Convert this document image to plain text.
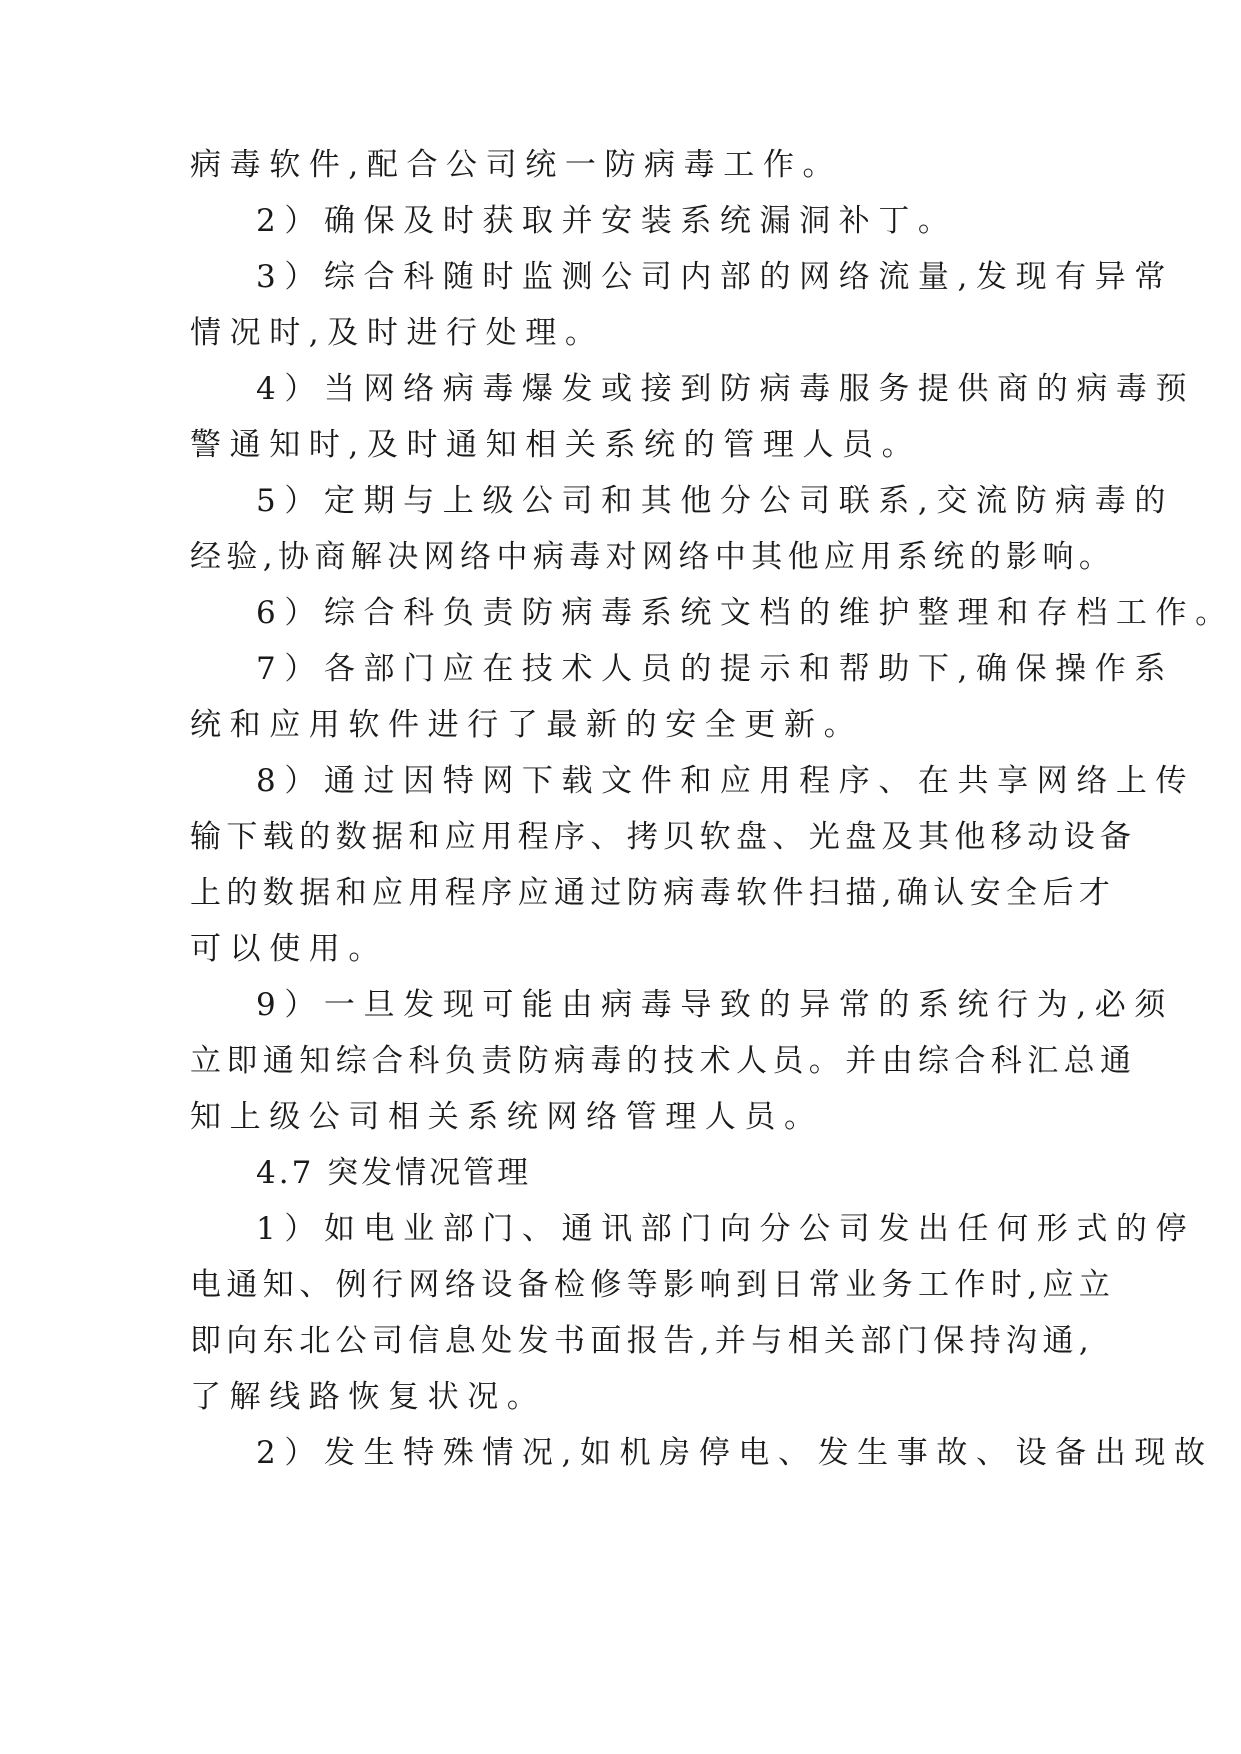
病毒软件,配合公司统一防病毒工作。
2）确保及时获取并安装系统漏洞补丁。
3）综合科随时监测公司内部的网络流量,发现有异常
情况时,及时进行处理。
4）当网络病毒爆发或接到防病毒服务提供商的病毒预
警通知时,及时通知相关系统的管理人员。
5）定期与上级公司和其他分公司联系,交流防病毒的
经验,协商解决网络中病毒对网络中其他应用系统的影响。
6）综合科负责防病毒系统文档的维护整理和存档工作。
7）各部门应在技术人员的提示和帮助下,确保操作系
统和应用软件进行了最新的安全更新。
8）通过因特网下载文件和应用程序、在共享网络上传
输下载的数据和应用程序、拷贝软盘、光盘及其他移动设备
上的数据和应用程序应通过防病毒软件扫描,确认安全后才
可以使用。
9）一旦发现可能由病毒导致的异常的系统行为,必须
立即通知综合科负责防病毒的技术人员。并由综合科汇总通
知上级公司相关系统网络管理人员。
4.7 突发情况管理
1）如电业部门、通讯部门向分公司发出任何形式的停
电通知、例行网络设备检修等影响到日常业务工作时,应立
即向东北公司信息处发书面报告,并与相关部门保持沟通,
了解线路恢复状况。
2）发生特殊情况,如机房停电、发生事故、设备出现故
